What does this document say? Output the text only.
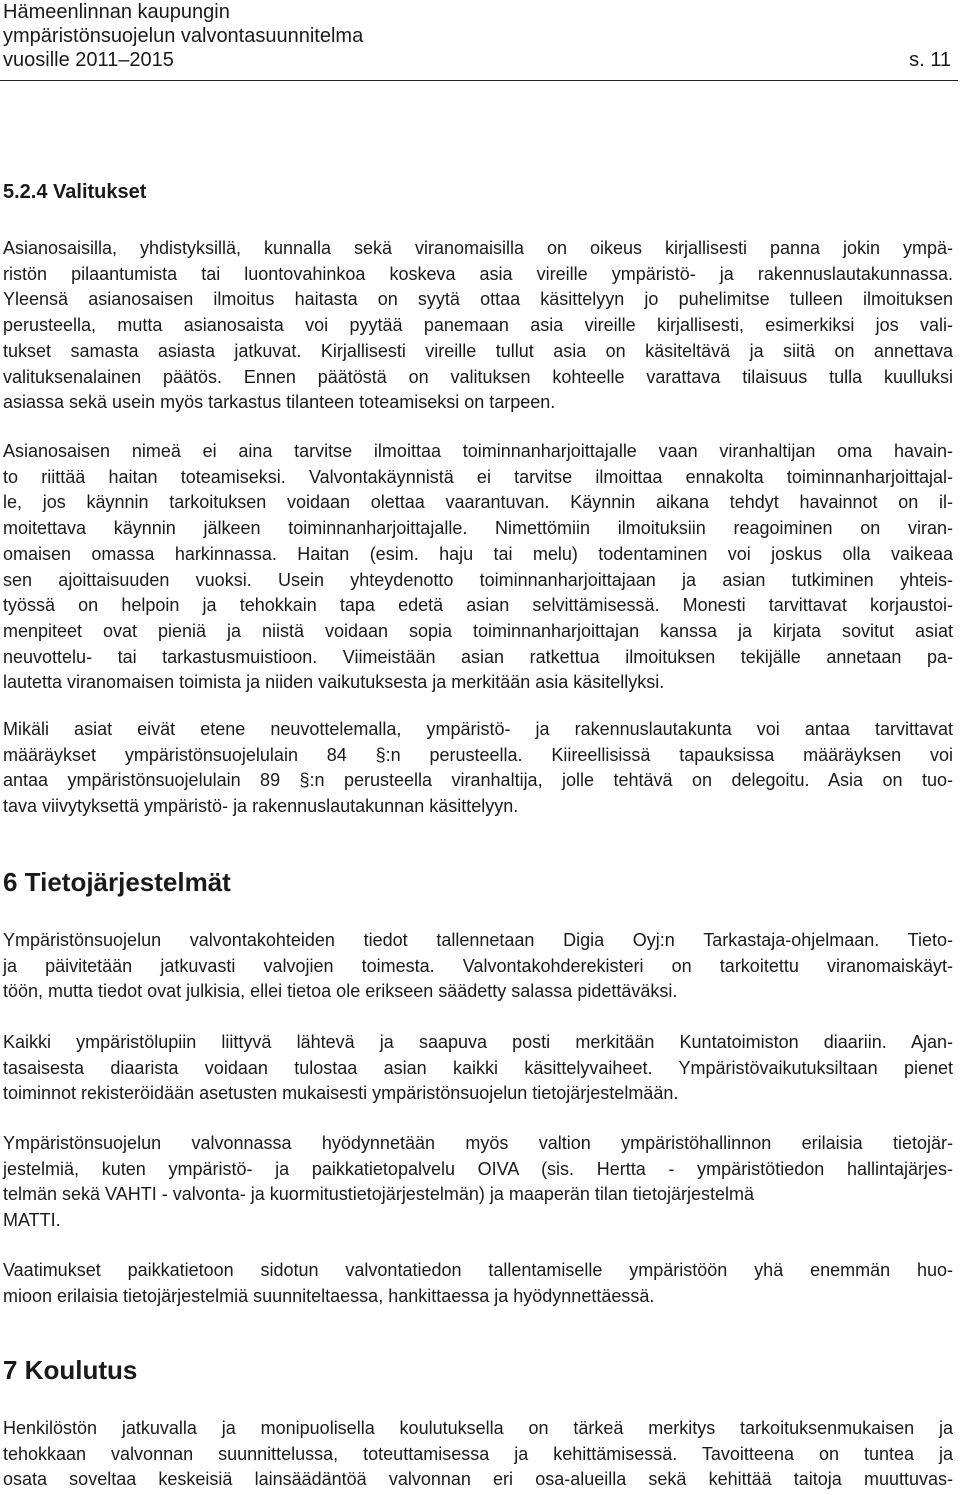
Hämeenlinnan kaupungin
ympäristönsuojelun valvontasuunnitelma
vuosille 2011–2015	s. 11
5.2.4 Valitukset
Asianosaisilla, yhdistyksillä, kunnalla sekä viranomaisilla on oikeus kirjallisesti panna jokin ympä-
ristön pilaantumista tai luontovahinkoa koskeva asia vireille ympäristö- ja rakennuslautakunnassa.
Yleensä asianosaisen ilmoitus haitasta on syytä ottaa käsittelyyn jo puhelimitse tulleen ilmoituksen
perusteella, mutta asianosaista voi pyytää panemaan asia vireille kirjallisesti, esimerkiksi jos vali-
tukset samasta asiasta jatkuvat. Kirjallisesti vireille tullut asia on käsiteltävä ja siitä on annettava
valituksenalainen päätös. Ennen päätöstä on valituksen kohteelle varattava tilaisuus tulla kuulluksi
asiassa sekä usein myös tarkastus tilanteen toteamiseksi on tarpeen.
Asianosaisen nimeä ei aina tarvitse ilmoittaa toiminnanharjoittajalle vaan viranhaltijan oma havain-
to riittää haitan toteamiseksi. Valvontakäynnistä ei tarvitse ilmoittaa ennakolta toiminnanharjoittajal-
le, jos käynnin tarkoituksen voidaan olettaa vaarantuvan. Käynnin aikana tehdyt havainnot on il-
moitettava käynnin jälkeen toiminnanharjoittajalle. Nimettömiin ilmoituksiin reagoiminen on viran-
omaisen omassa harkinnassa. Haitan (esim. haju tai melu) todentaminen voi joskus olla vaikeaa
sen ajoittaisuuden vuoksi. Usein yhteydenotto toiminnanharjoittajaan ja asian tutkiminen yhteis-
työssä on helpoin ja tehokkain tapa edetä asian selvittämisessä. Monesti tarvittavat korjaustoi-
menpiteet ovat pieniä ja niistä voidaan sopia toiminnanharjoittajan kanssa ja kirjata sovitut asiat
neuvottelu- tai tarkastusmuistioon. Viimeistään asian ratkettua ilmoituksen tekijälle annetaan pa-
lautetta viranomaisen toimista ja niiden vaikutuksesta ja merkitään asia käsitellyksi.
Mikäli asiat eivät etene neuvottelemalla, ympäristö- ja rakennuslautakunta voi antaa tarvittavat
määräykset ympäristönsuojelulain 84 §:n perusteella. Kiireellisissä tapauksissa määräyksen voi
antaa ympäristönsuojelulain 89 §:n perusteella viranhaltija, jolle tehtävä on delegoitu. Asia on tuo-
tava viivytyksettä ympäristö- ja rakennuslautakunnan käsittelyyn.
6 Tietojärjestelmät
Ympäristönsuojelun valvontakohteiden tiedot tallennetaan Digia Oyj:n Tarkastaja-ohjelmaan. Tieto-
ja päivitetään jatkuvasti valvojien toimesta. Valvontakohderekisteri on tarkoitettu viranomaiskäyt-
töön, mutta tiedot ovat julkisia, ellei tietoa ole erikseen säädetty salassa pidettäväksi.
Kaikki ympäristölupiin liittyvä lähtevä ja saapuva posti merkitään Kuntatoimiston diaariin. Ajan-
tasaisesta diaarista voidaan tulostaa asian kaikki käsittelyvaiheet. Ympäristövaikutuksiltaan pienet
toiminnot rekisteröidään asetusten mukaisesti ympäristönsuojelun tietojärjestelmään.
Ympäristönsuojelun valvonnassa hyödynnetään myös valtion ympäristöhallinnon erilaisia tietojär-
jestelmiä, kuten ympäristö- ja paikkatietopalvelu OIVA (sis. Hertta - ympäristötiedon hallintajärjes-
telmän sekä VAHTI - valvonta- ja kuormitustietojärjestelmän) ja maaperän tilan tietojärjestelmä
MATTI.
Vaatimukset paikkatietoon sidotun valvontatiedon tallentamiselle ympäristöön yhä enemmän huo-
mioon erilaisia tietojärjestelmiä suunniteltaessa, hankittaessa ja hyödynnettäessä.
7 Koulutus
Henkilöstön jatkuvalla ja monipuolisella koulutuksella on tärkeä merkitys tarkoituksenmukaisen ja
tehokkaan valvonnan suunnittelussa, toteuttamisessa ja kehittämisessä. Tavoitteena on tuntea ja
osata soveltaa keskeisiä lainsäädäntöä valvonnan eri osa-alueilla sekä kehittää taitoja muuttuvas-
